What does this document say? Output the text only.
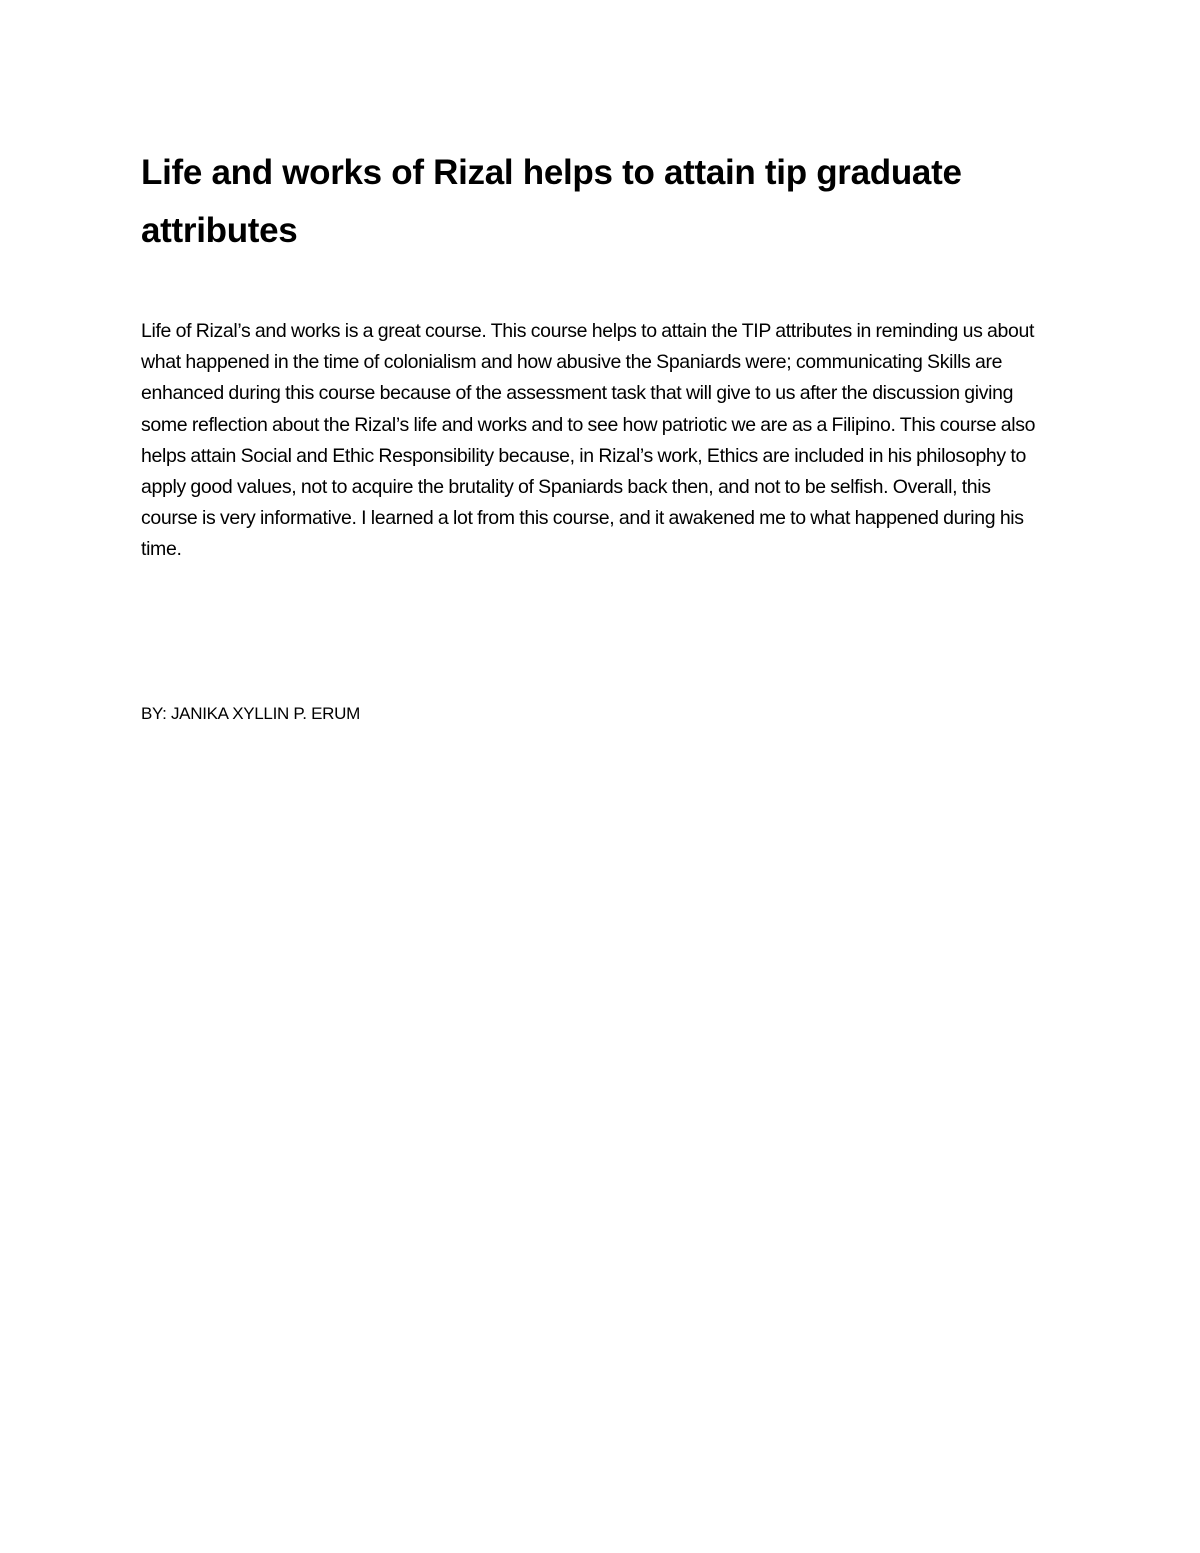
Life and works of Rizal helps to attain tip graduate attributes

Life of Rizal’s and works is a great course. This course helps to attain the TIP attributes in reminding us about what happened in the time of colonialism and how abusive the Spaniards were; communicating Skills are enhanced during this course because of the assessment task that will give to us after the discussion giving some reflection about the Rizal’s life and works and to see how patriotic we are as a Filipino. This course also helps attain Social and Ethic Responsibility because, in Rizal’s work, Ethics are included in his philosophy to apply good values, not to acquire the brutality of Spaniards back then, and not to be selfish. Overall, this course is very informative. I learned a lot from this course, and it awakened me to what happened during his time.

BY: JANIKA XYLLIN P. ERUM
